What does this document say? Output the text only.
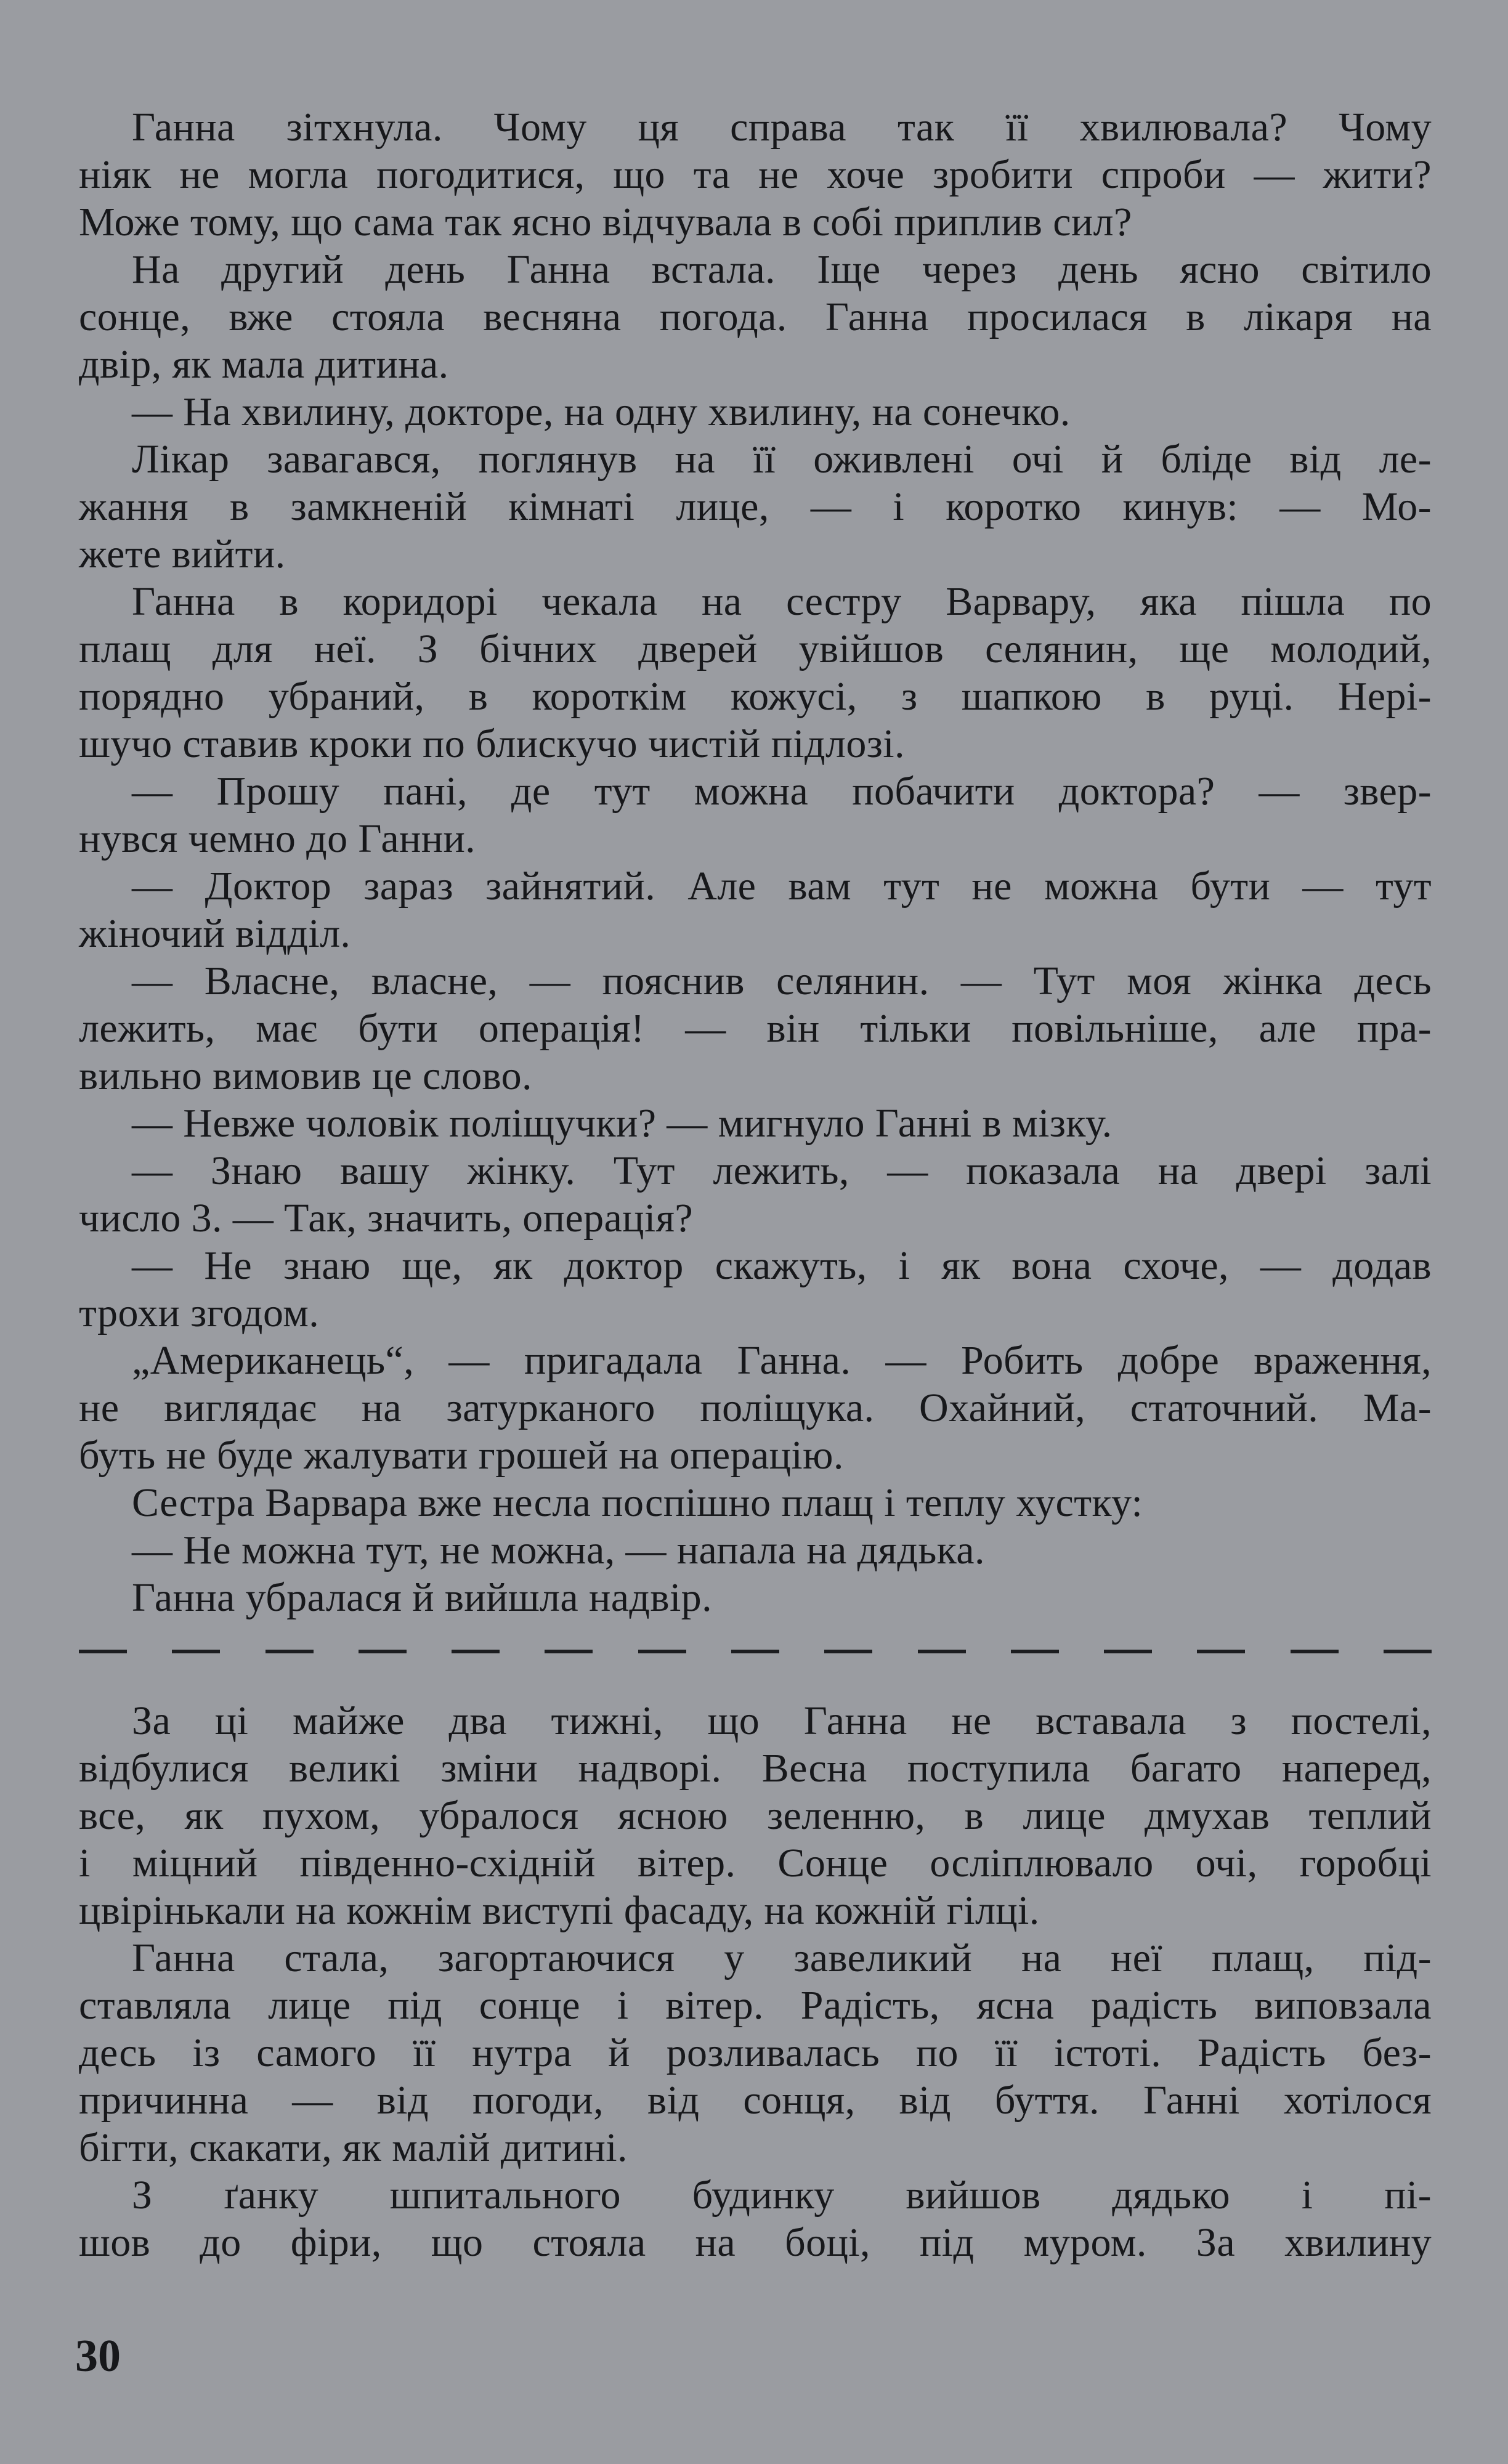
Ганна зітхнула. Чому ця справа так її хвилювала? Чому
ніяк не могла погодитися, що та не хоче зробити спроби — жити?
Може тому, що сама так ясно відчувала в собі приплив сил?
На другий день Ганна встала. Іще через день ясно світило
сонце, вже стояла весняна погода. Ганна просилася в лікаря на
двір, як мала дитина.
— На хвилину, докторе, на одну хвилину, на сонечко.
Лікар завагався, поглянув на її оживлені очі й бліде від ле-
жання в замкненій кімнаті лице, — і коротко кинув: — Мо-
жете вийти.
Ганна в коридорі чекала на сестру Варвару, яка пішла по
плащ для неї. З бічних дверей увійшов селянин, ще молодий,
порядно убраний, в короткім кожусі, з шапкою в руці. Нері-
шучо ставив кроки по блискучо чистій підлозі.
— Прошу пані, де тут можна побачити доктора? — звер-
нувся чемно до Ганни.
— Доктор зараз зайнятий. Але вам тут не можна бути — тут
жіночий відділ.
— Власне, власне, — пояснив селянин. — Тут моя жінка десь
лежить, має бути операція! — він тільки повільніше, але пра-
вильно вимовив це слово.
— Невже чоловік поліщучки? — мигнуло Ганні в мізку.
— Знаю вашу жінку. Тут лежить, — показала на двері залі
число 3. — Так, значить, операція?
— Не знаю ще, як доктор скажуть, і як вона схоче, — додав
трохи згодом.
„Американець“, — пригадала Ганна. — Робить добре враження,
не виглядає на затурканого поліщука. Охайний, статочний. Ма-
буть не буде жалувати грошей на операцію.
Сестра Варвара вже несла поспішно плащ і теплу хустку:
— Не можна тут, не можна, — напала на дядька.
Ганна убралася й вийшла надвір.
За ці майже два тижні, що Ганна не вставала з постелі,
відбулися великі зміни надворі. Весна поступила багато наперед,
все, як пухом, убралося ясною зеленню, в лице дмухав теплий
і міцний південно-східній вітер. Сонце осліплювало очі, горобці
цвірінькали на кожнім виступі фасаду, на кожній гілці.
Ганна стала, загортаючися у завеликий на неї плащ, під-
ставляла лице під сонце і вітер. Радість, ясна радість виповзала
десь із самого її нутра й розливалась по її істоті. Радість без-
причинна — від погоди, від сонця, від буття. Ганні хотілося
бігти, скакати, як малій дитині.
З ґанку шпитального будинку вийшов дядько і пі-
шов до фіри, що стояла на боці, під муром. За хвилину
30
